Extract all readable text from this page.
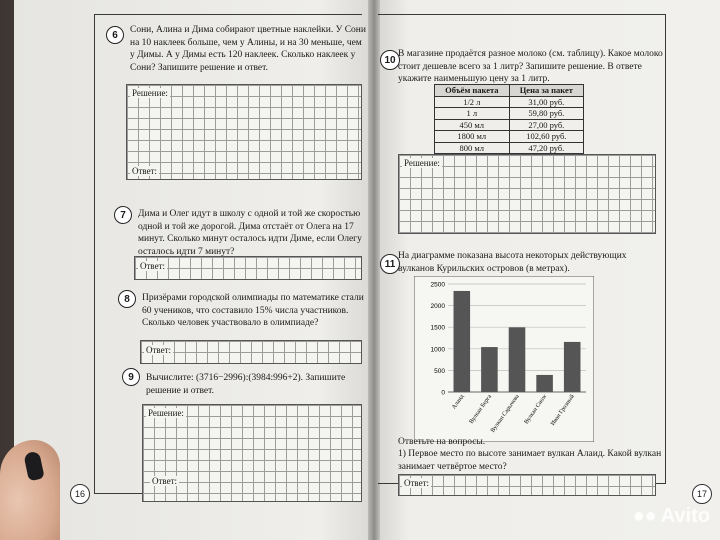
6	Сони, Алина и Дима собирают цветные наклейки. У Сони на 10 наклеек больше, чем у Алины, и на 30 меньше, чем у Димы. А у Димы есть 120 наклеек. Сколько наклеек у Сони? Запишите решение и ответ.
Решение:
Ответ:
7	Дима и Олег идут в школу с одной и той же скоростью одной и той же дорогой. Дима отстаёт от Олега на 17 минут. Сколько минут осталось идти Диме, если Олегу осталось идти 7 минут?
Ответ:
8	Призёрами городской олимпиады по математике стали 60 учеников, что составило 15% числа участников. Сколько человек участвовало в олимпиаде?
Ответ:
9	Вычислите: (3716−2996):(3984:996+2). Запишите решение и ответ.
Решение:
Ответ:
16
10
В магазине продаётся разное молоко (см. таблицу). Какое молоко стоит дешевле всего за 1 литр? Запишите решение. В ответе укажите наименьшую цену за 1 литр.
Объём пакета	Цена за пакет
1/2 л	31,00 руб.
1 л	59,80 руб.
450 мл	27,00 руб.
1800 мл	102,60 руб.
800 мл	47,20 руб.
Решение:
11
На диаграмме показана высота некоторых действующих вулканов Курильских островов (в метрах).
0
500
1000
1500
2000
2500
Алаид Вулкан Берга
Вулкан Сарычева Вулкан Снow Иван Грозный
Ответьте на вопросы.
1) Первое место по высоте занимает вулкан Алаид. Какой вулкан занимает четвёртое место?
Ответ:
17
●● Avito
